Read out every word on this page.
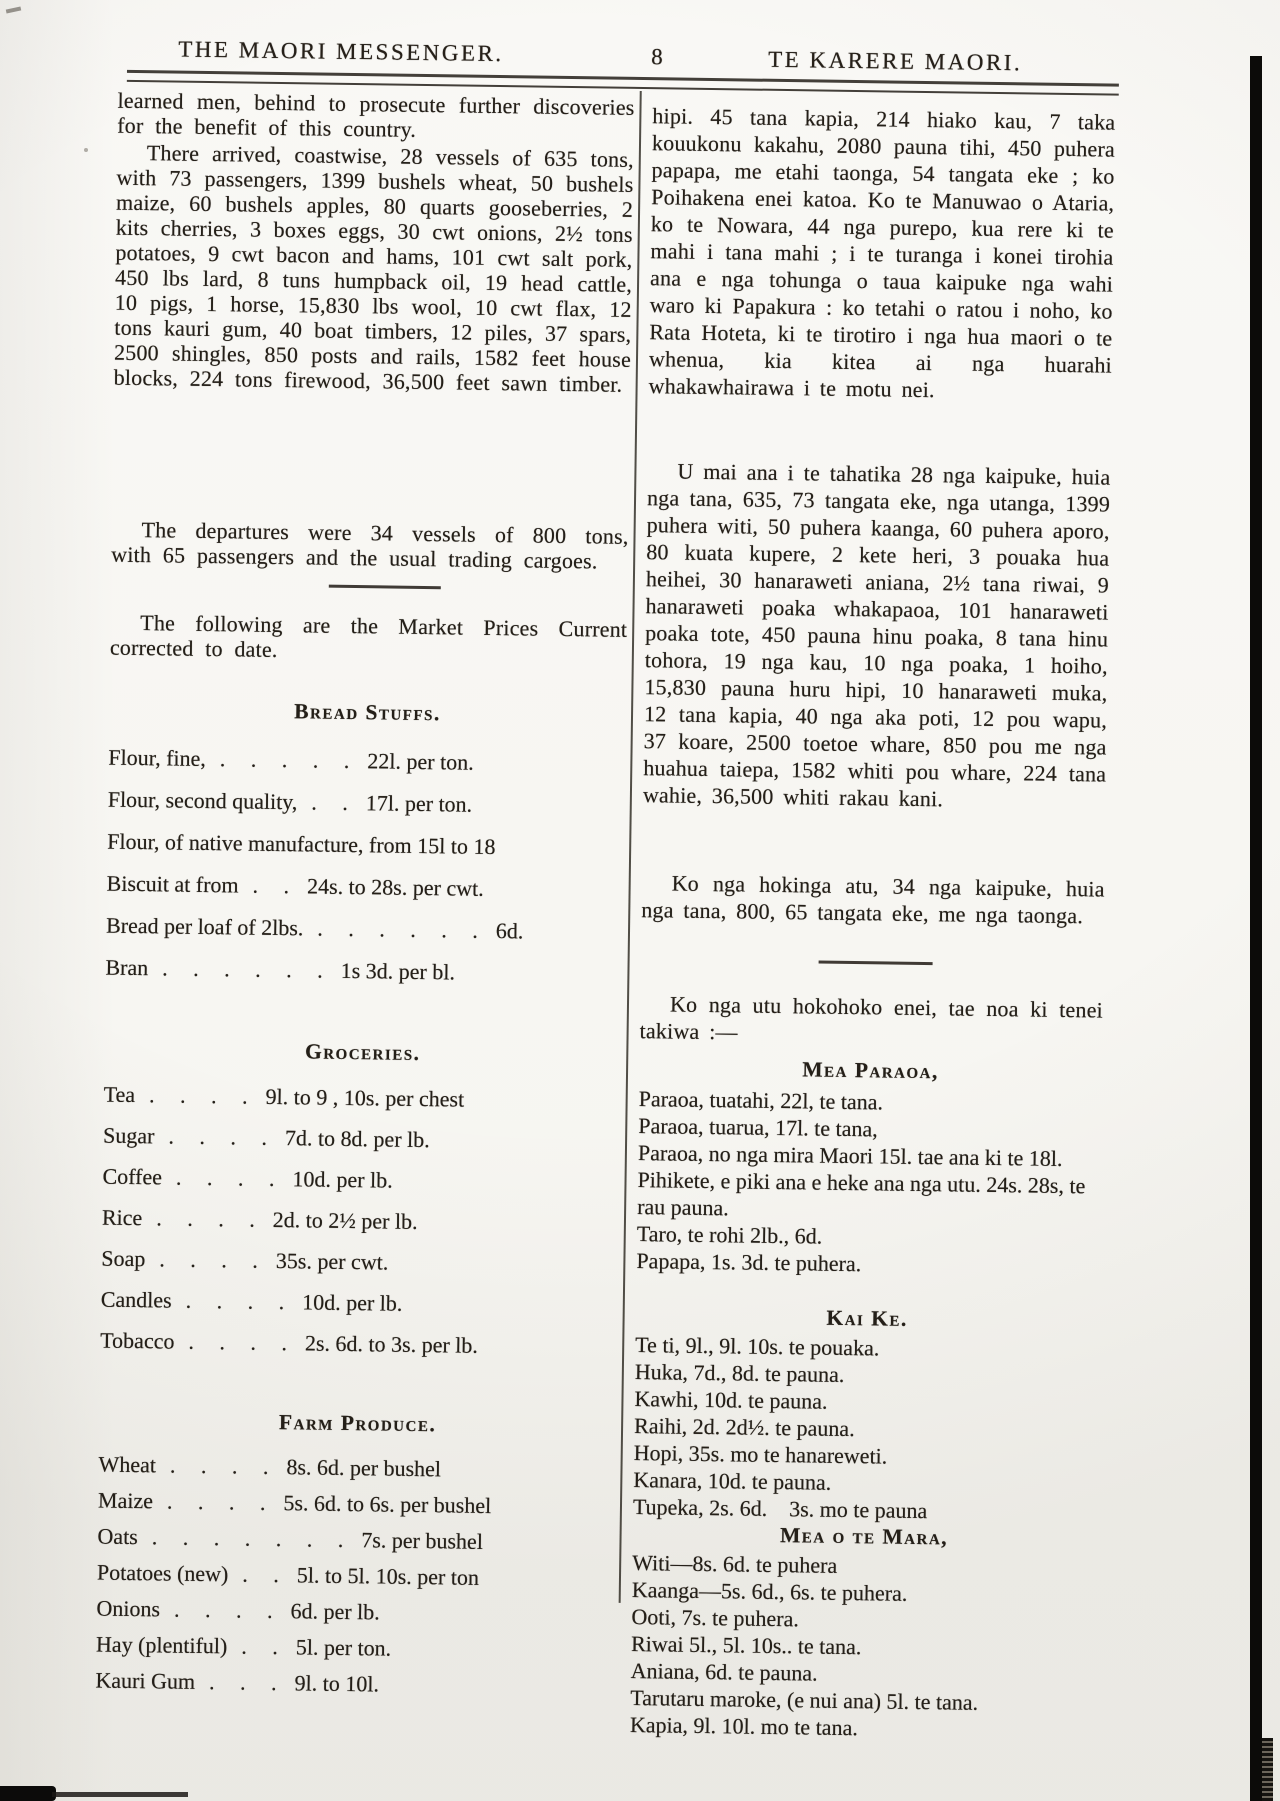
THE MAORI MESSENGER.	8	TE KARERE MAORI.

learned men, behind to prosecute further discoveries for the benefit of this country.

There arrived, coastwise, 28 vessels of 635 tons, with 73 passengers, 1399 bushels wheat, 50 bushels maize, 60 bushels apples, 80 quarts gooseberries, 2 kits cherries, 3 boxes eggs, 30 cwt onions, 2½ tons potatoes, 9 cwt bacon and hams, 101 cwt salt pork, 450 lbs lard, 8 tuns humpback oil, 19 head cattle, 10 pigs, 1 horse, 15,830 lbs wool, 10 cwt flax, 12 tons kauri gum, 40 boat timbers, 12 piles, 37 spars, 2500 shingles, 850 posts and rails, 1582 feet house blocks, 224 tons firewood, 36,500 feet sawn timber.

The departures were 34 vessels of 800 tons, with 65 passengers and the usual trading cargoes.

The following are the Market Prices Current corrected to date.

Bread Stuffs.
Flour, fine, . . . . . 22l. per ton.
Flour, second quality, . . 17l. per ton.
Flour, of native manufacture, from 15l to 18
Biscuit at from . . 24s. to 28s. per cwt.
Bread per loaf of 2lbs. . . . . . . 6d.
Bran . . . . . . 1s 3d. per bl.
Groceries.
Tea . . . . 9l. to 9 , 10s. per chest
Sugar . . . . 7d. to 8d. per lb.
Coffee . . . . 10d. per lb.
Rice . . . . 2d. to 2½ per lb.
Soap . . . . 35s. per cwt.
Candles . . . . 10d. per lb.
Tobacco . . . . 2s. 6d. to 3s. per lb.
Farm Produce.
Wheat . . . . 8s. 6d. per bushel
Maize . . . . 5s. 6d. to 6s. per bushel
Oats . . . . . . . 7s. per bushel
Potatoes (new) . . 5l. to 5l. 10s. per ton
Onions . . . . 6d. per lb.
Hay (plentiful) . . 5l. per ton.
Kauri Gum . . . 9l. to 10l.

hipi. 45 tana kapia, 214 hiako kau, 7 taka kouukonu kakahu, 2080 pauna tihi, 450 puhera papapa, me etahi taonga, 54 tangata eke ; ko Poihakena enei katoa. Ko te Manuwao o Ataria, ko te Nowara, 44 nga purepo, kua rere ki te mahi i tana mahi ; i te turanga i konei tirohia ana e nga tohunga o taua kaipuke nga wahi waro ki Papakura : ko tetahi o ratou i noho, ko Rata Hoteta, ki te tirotiro i nga hua maori o te whenua, kia kitea ai nga huarahi whakawhairawa i te motu nei.

U mai ana i te tahatika 28 nga kaipuke, huia nga tana, 635, 73 tangata eke, nga utanga, 1399 puhera witi, 50 puhera kaanga, 60 puhera aporo, 80 kuata kupere, 2 kete heri, 3 pouaka hua heihei, 30 hanaraweti aniana, 2½ tana riwai, 9 hanaraweti poaka whakapaoa, 101 hanaraweti poaka tote, 450 pauna hinu poaka, 8 tana hinu tohora, 19 nga kau, 10 nga poaka, 1 hoiho, 15,830 pauna huru hipi, 10 hanaraweti muka, 12 tana kapia, 40 nga aka poti, 12 pou wapu, 37 koare, 2500 toetoe whare, 850 pou me nga huahua taiepa, 1582 whiti pou whare, 224 tana wahie, 36,500 whiti rakau kani.

Ko nga hokinga atu, 34 nga kaipuke, huia nga tana, 800, 65 tangata eke, me nga taonga.

Ko nga utu hokohoko enei, tae noa ki tenei takiwa :—

Mea Paraoa,
Paraoa, tuatahi, 22l, te tana.
Paraoa, tuarua, 17l. te tana,
Paraoa, no nga mira Maori 15l. tae ana ki te 18l.
Pihikete, e piki ana e heke ana nga utu. 24s. 28s, te rau pauna.
Taro, te rohi 2lb., 6d.
Papapa, 1s. 3d. te puhera.
Kai Ke.
Te ti, 9l., 9l. 10s. te pouaka.
Huka, 7d., 8d. te pauna.
Kawhi, 10d. te pauna.
Raihi, 2d. 2d½. te pauna.
Hopi, 35s. mo te hanareweti.
Kanara, 10d. te pauna.
Tupeka, 2s. 6d.  3s. mo te pauna
Mea o te Mara,
Witi—8s. 6d. te puhera
Kaanga—5s. 6d., 6s. te puhera.
Ooti, 7s. te puhera.
Riwai 5l., 5l. 10s.. te tana.
Aniana, 6d. te pauna.
Tarutaru maroke, (e nui ana) 5l. te tana.
Kapia, 9l. 10l. mo te tana.
